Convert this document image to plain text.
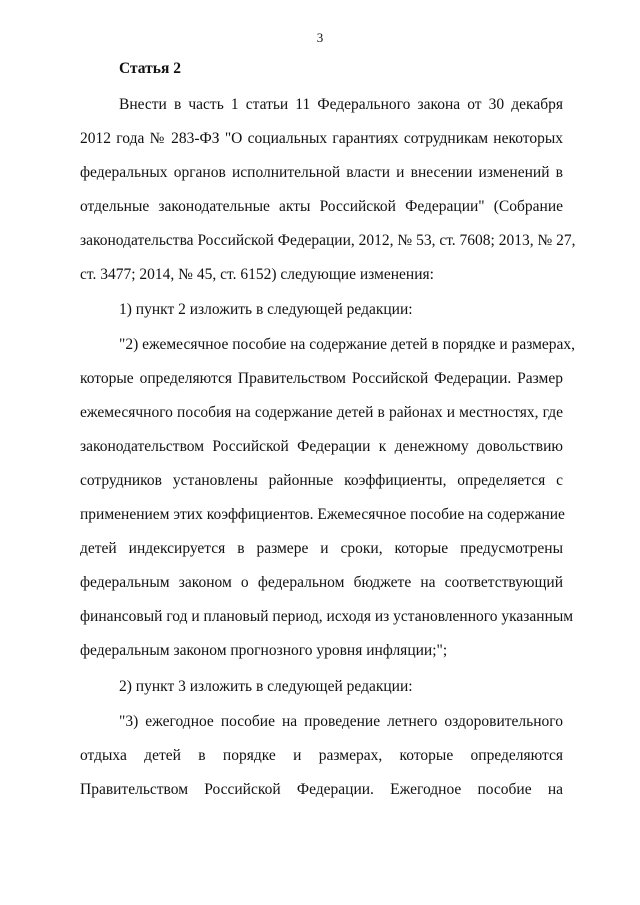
3
Статья 2
Внести в часть 1 статьи 11 Федерального закона от 30 декабря
2012 года № 283-ФЗ "О социальных гарантиях сотрудникам некоторых
федеральных органов исполнительной власти и внесении изменений в
отдельные законодательные акты Российской Федерации" (Собрание
законодательства Российской Федерации, 2012, № 53, ст. 7608; 2013, № 27,
ст. 3477; 2014, № 45, ст. 6152) следующие изменения:
1) пункт 2 изложить в следующей редакции:
"2) ежемесячное пособие на содержание детей в порядке и размерах,
которые определяются Правительством Российской Федерации. Размер
ежемесячного пособия на содержание детей в районах и местностях, где
законодательством Российской Федерации к денежному довольствию
сотрудников установлены районные коэффициенты, определяется с
применением этих коэффициентов. Ежемесячное пособие на содержание
детей индексируется в размере и сроки, которые предусмотрены
федеральным законом о федеральном бюджете на соответствующий
финансовый год и плановый период, исходя из установленного указанным
федеральным законом прогнозного уровня инфляции;";
2) пункт 3 изложить в следующей редакции:
"3) ежегодное пособие на проведение летнего оздоровительного
отдыха детей в порядке и размерах, которые определяются
Правительством Российской Федерации. Ежегодное пособие на
